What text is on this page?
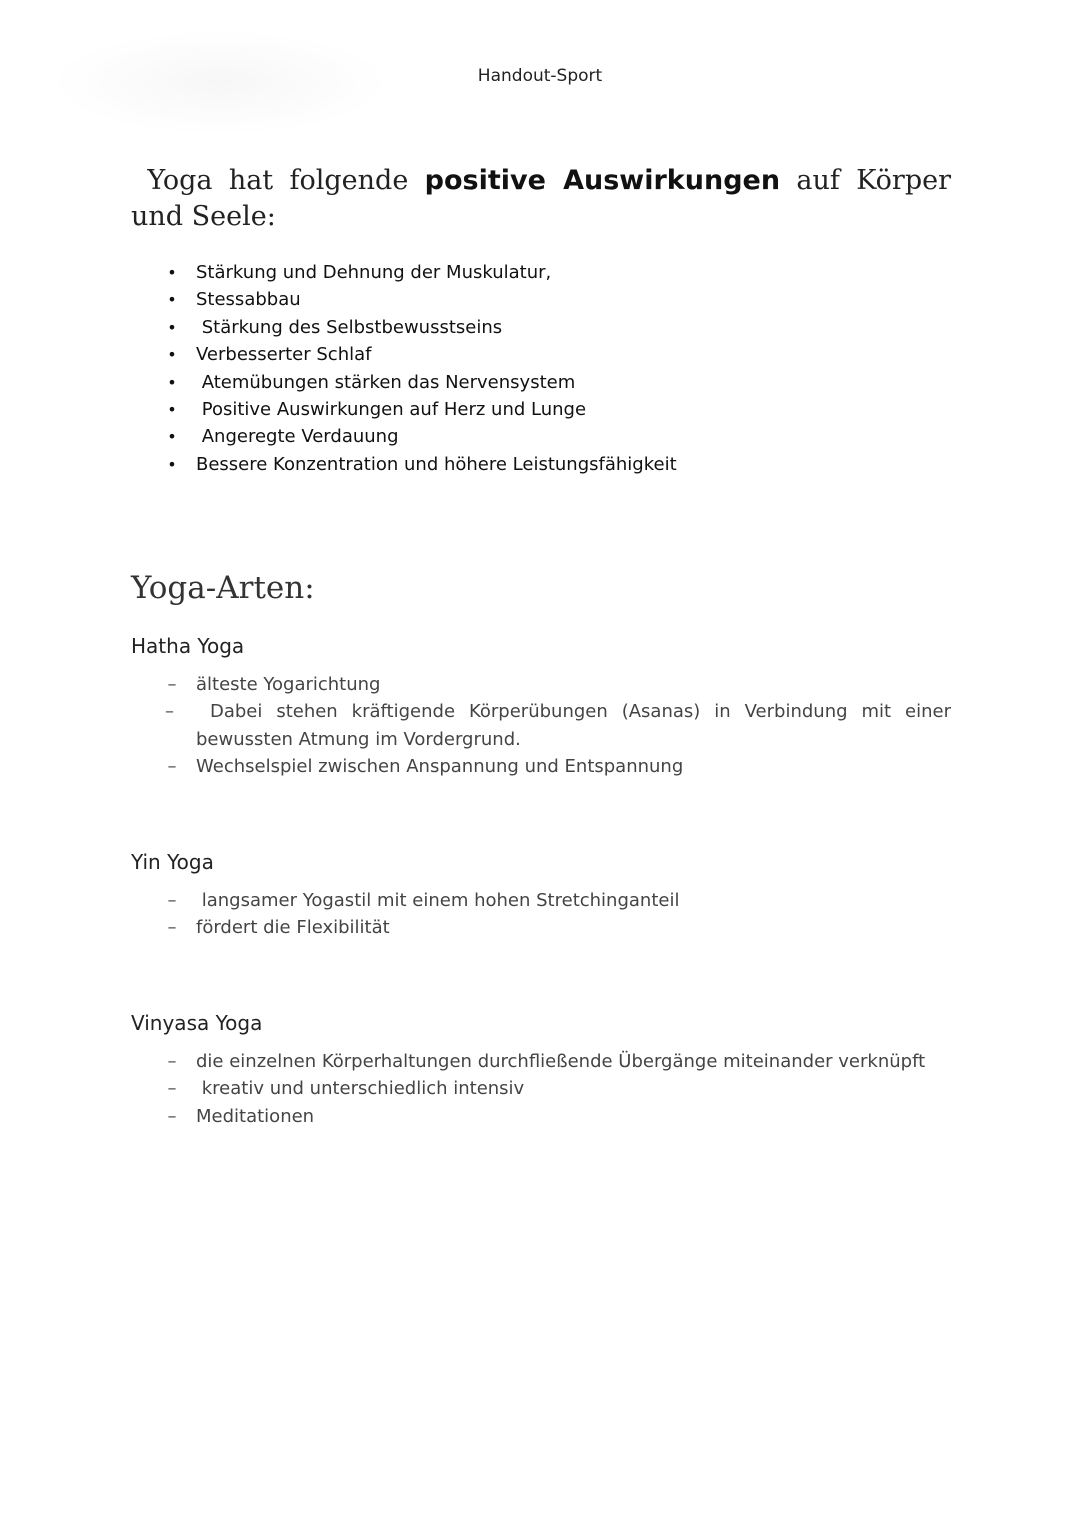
Handout-Sport
Yoga hat folgende positive Auswirkungen auf Körper und Seele:
• Stärkung und Dehnung der Muskulatur,
• Stessabbau
• Stärkung des Selbstbewusstseins
• Verbesserter Schlaf
• Atemübungen stärken das Nervensystem
• Positive Auswirkungen auf Herz und Lunge
• Angeregte Verdauung
• Bessere Konzentration und höhere Leistungsfähigkeit
Yoga-Arten:
Hatha Yoga
– älteste Yogarichtung
– Dabei stehen kräftigende Körperübungen (Asanas) in Verbindung mit einer bewussten Atmung im Vordergrund.
– Wechselspiel zwischen Anspannung und Entspannung
Yin Yoga
– langsamer Yogastil mit einem hohen Stretchinganteil
– fördert die Flexibilität
Vinyasa Yoga
– die einzelnen Körperhaltungen durchfließende Übergänge miteinander verknüpft
– kreativ und unterschiedlich intensiv
– Meditationen
